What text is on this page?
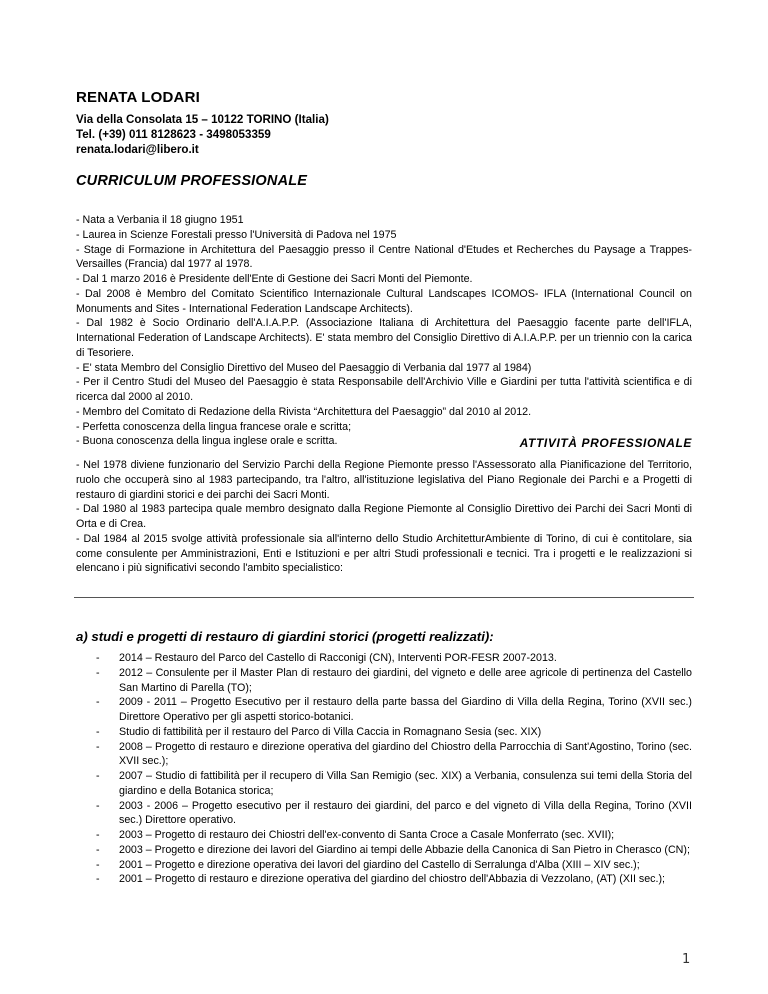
RENATA LODARI
Via della Consolata 15 – 10122 TORINO (Italia)
Tel. (+39) 011 8128623 - 3498053359
renata.lodari@libero.it
CURRICULUM PROFESSIONALE

- Nata a Verbania il 18 giugno 1951

- Laurea in Scienze Forestali presso l'Università di Padova nel 1975

- Stage di Formazione in Architettura del Paesaggio presso il Centre National d'Etudes et Recherches du Paysage a Trappes-Versailles (Francia) dal 1977 al 1978.

- Dal 1 marzo 2016 è Presidente dell'Ente di Gestione dei Sacri Monti del Piemonte.

- Dal 2008 è Membro del Comitato Scientifico Internazionale Cultural Landscapes ICOMOS- IFLA (International Council on Monuments and Sites - International Federation Landscape Architects).

- Dal 1982 è Socio Ordinario dell'A.I.A.P.P. (Associazione Italiana di Architettura del Paesaggio facente parte dell'IFLA, International Federation of Landscape Architects). E' stata membro del Consiglio Direttivo di A.I.A.P.P. per un triennio con la carica di Tesoriere.

- E' stata Membro del Consiglio Direttivo del Museo del Paesaggio di Verbania dal 1977 al 1984)

- Per il Centro Studi del Museo del Paesaggio è stata Responsabile dell'Archivio Ville e Giardini per tutta l'attività scientifica e di ricerca dal 2000 al 2010.

- Membro del Comitato di Redazione della Rivista “Architettura del Paesaggio” dal 2010 al 2012.

- Perfetta conoscenza della lingua francese orale e scritta;

- Buona conoscenza della lingua inglese orale e scritta.	ATTIVITÀ PROFESSIONALE

- Nel 1978 diviene funzionario del Servizio Parchi della Regione Piemonte presso l'Assessorato alla Pianificazione del Territorio, ruolo che occuperà sino al 1983 partecipando, tra l'altro, all'istituzione legislativa del Piano Regionale dei Parchi e a Progetti di restauro di giardini storici e dei parchi dei Sacri Monti.

- Dal 1980 al 1983 partecipa quale membro designato dalla Regione Piemonte al Consiglio Direttivo dei Parchi dei Sacri Monti di Orta e di Crea.

- Dal 1984 al 2015 svolge attività professionale sia all'interno dello Studio ArchitetturAmbiente di Torino, di cui è contitolare, sia come consulente per Amministrazioni, Enti e Istituzioni e per altri Studi professionali e tecnici. Tra i progetti e le realizzazioni si elencano i più significativi secondo l'ambito specialistico:

a) studi e progetti di restauro di giardini storici (progetti realizzati):
- 2014 – Restauro del Parco del Castello di Racconigi (CN), Interventi POR-FESR 2007-2013.
- 2012 – Consulente per il Master Plan di restauro dei giardini, del vigneto e delle aree agricole di pertinenza del Castello San Martino di Parella (TO);
- 2009 - 2011 – Progetto Esecutivo per il restauro della parte bassa del Giardino di Villa della Regina, Torino (XVII sec.) Direttore Operativo per gli aspetti storico-botanici.
- Studio di fattibilità per il restauro del Parco di Villa Caccia in Romagnano Sesia (sec. XIX)
- 2008 – Progetto di restauro e direzione operativa del giardino del Chiostro della Parrocchia di Sant'Agostino, Torino (sec. XVII sec.);
- 2007 – Studio di fattibilità per il recupero di Villa San Remigio (sec. XIX) a Verbania, consulenza sui temi della Storia del giardino e della Botanica storica;
- 2003 - 2006 – Progetto esecutivo per il restauro dei giardini, del parco e del vigneto di Villa della Regina, Torino (XVII sec.) Direttore operativo.
- 2003 – Progetto di restauro dei Chiostri dell'ex-convento di Santa Croce a Casale Monferrato (sec. XVII);
- 2003 – Progetto e direzione dei lavori del Giardino ai tempi delle Abbazie della Canonica di San Pietro in Cherasco (CN);
- 2001 – Progetto e direzione operativa dei lavori del giardino del Castello di Serralunga d'Alba (XIII – XIV sec.);
- 2001 – Progetto di restauro e direzione operativa del giardino del chiostro dell'Abbazia di Vezzolano, (AT) (XII sec.);
1
